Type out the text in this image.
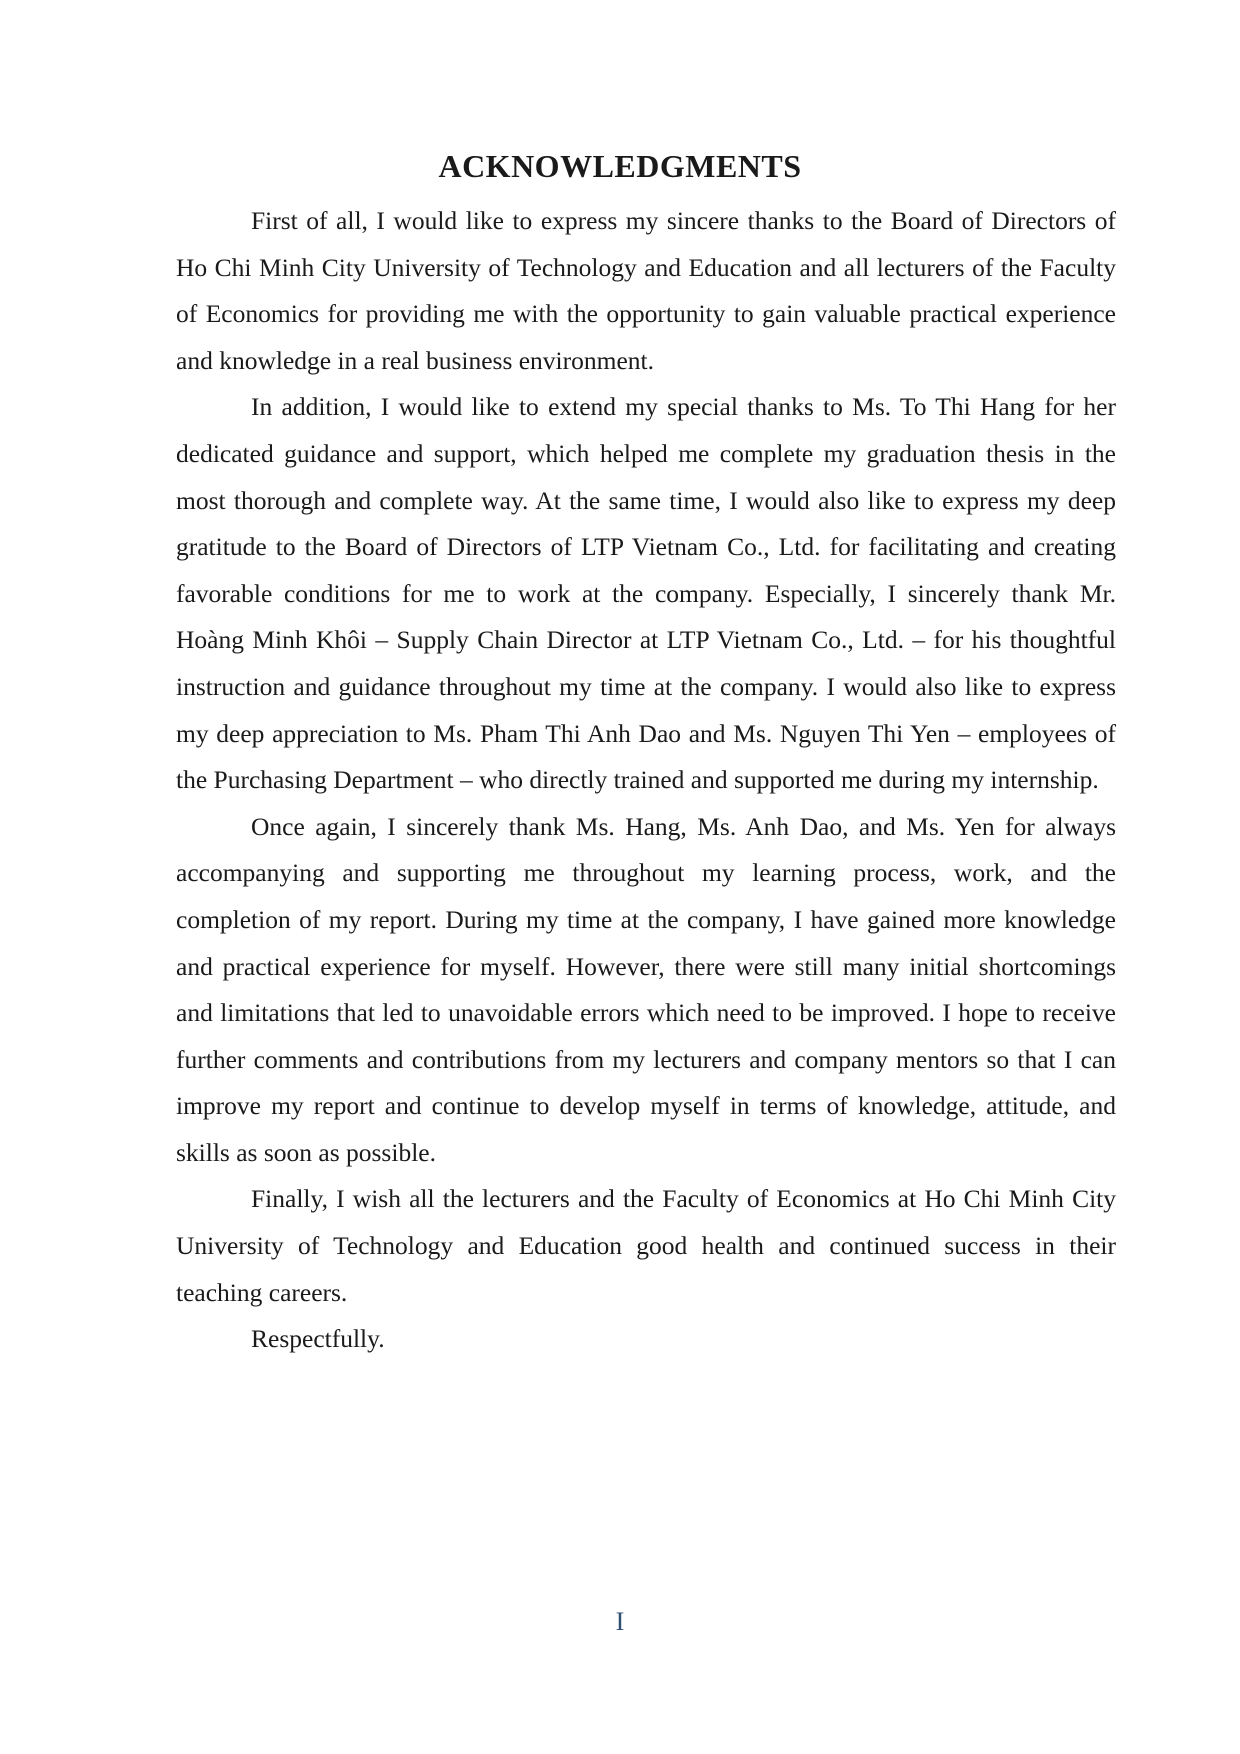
ACKNOWLEDGMENTS

First of all, I would like to express my sincere thanks to the Board of Directors of Ho Chi Minh City University of Technology and Education and all lecturers of the Faculty of Economics for providing me with the opportunity to gain valuable practical experience and knowledge in a real business environment.

In addition, I would like to extend my special thanks to Ms. To Thi Hang for her dedicated guidance and support, which helped me complete my graduation thesis in the most thorough and complete way. At the same time, I would also like to express my deep gratitude to the Board of Directors of LTP Vietnam Co., Ltd. for facilitating and creating favorable conditions for me to work at the company. Especially, I sincerely thank Mr. Hoàng Minh Khôi – Supply Chain Director at LTP Vietnam Co., Ltd. – for his thoughtful instruction and guidance throughout my time at the company. I would also like to express my deep appreciation to Ms. Pham Thi Anh Dao and Ms. Nguyen Thi Yen – employees of the Purchasing Department – who directly trained and supported me during my internship.

Once again, I sincerely thank Ms. Hang, Ms. Anh Dao, and Ms. Yen for always accompanying and supporting me throughout my learning process, work, and the completion of my report. During my time at the company, I have gained more knowledge and practical experience for myself. However, there were still many initial shortcomings and limitations that led to unavoidable errors which need to be improved. I hope to receive further comments and contributions from my lecturers and company mentors so that I can improve my report and continue to develop myself in terms of knowledge, attitude, and skills as soon as possible.

Finally, I wish all the lecturers and the Faculty of Economics at Ho Chi Minh City University of Technology and Education good health and continued success in their teaching careers.

Respectfully.

I
